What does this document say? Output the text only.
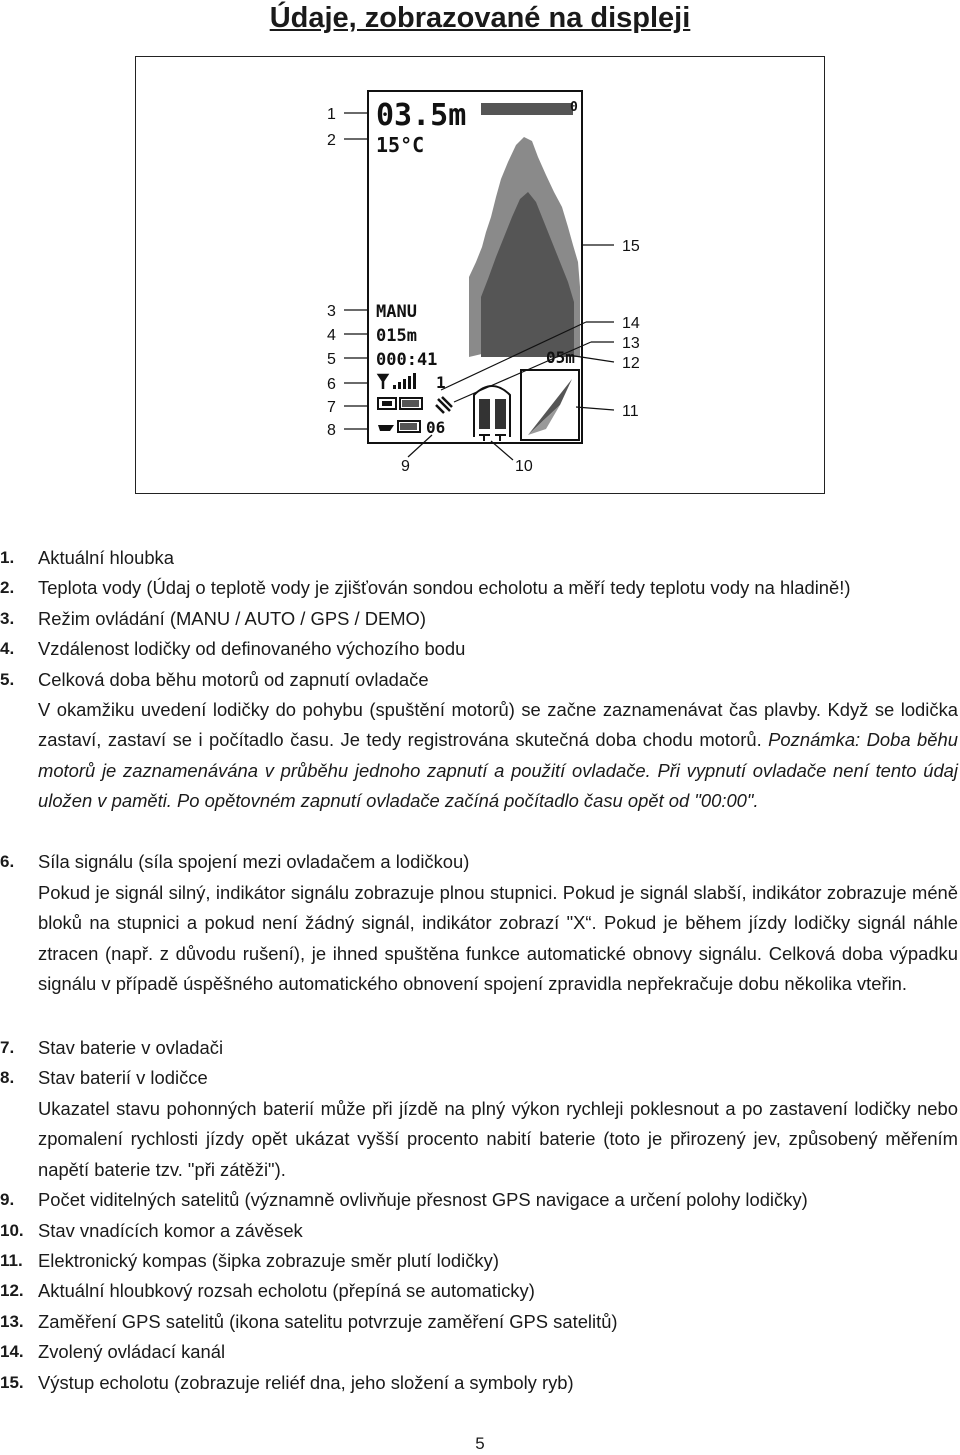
Údaje, zobrazované na displeji
03.5m	0
15°C
MANU
015m
000:41	05m
1
06
1
2
3
4
5
6
7
8
9	10
11
12
13
14
15
1.	Aktuální hloubka
2.	Teplota vody (Údaj o teplotě vody je zjišťován sondou echolotu a měří tedy teplotu vody na hladině!)
3.	Režim ovládání (MANU / AUTO / GPS / DEMO)
4.	Vzdálenost lodičky od definovaného výchozího bodu
5.	Celková doba běhu motorů od zapnutí ovladače
V okamžiku uvedení lodičky do pohybu (spuštění motorů) se začne zaznamenávat čas plavby. Když se lodička zastaví, zastaví se i počítadlo času. Je tedy registrována skutečná doba chodu motorů. Poznámka: Doba běhu motorů je zaznamenávána v průběhu jednoho zapnutí a použití ovladače. Při vypnutí ovladače není tento údaj uložen v paměti. Po opětovném zapnutí ovladače začíná počítadlo času opět od "00:00".
6.	Síla signálu (síla spojení mezi ovladačem a lodičkou)
Pokud je signál silný, indikátor signálu zobrazuje plnou stupnici. Pokud je signál slabší, indikátor zobrazuje méně bloků na stupnici a pokud není žádný signál, indikátor zobrazí "X“. Pokud je během jízdy lodičky signál náhle ztracen (např. z důvodu rušení), je ihned spuštěna funkce automatické obnovy signálu. Celková doba výpadku signálu v případě úspěšného automatického obnovení spojení zpravidla nepřekračuje dobu několika vteřin.
7.	Stav baterie v ovladači
8.	Stav baterií v lodičce
Ukazatel stavu pohonných baterií může při jízdě na plný výkon rychleji poklesnout a po zastavení lodičky nebo zpomalení rychlosti jízdy opět ukázat vyšší procento nabití baterie (toto je přirozený jev, způsobený měřením napětí baterie tzv. "při zátěži").
9.	Počet viditelných satelitů (významně ovlivňuje přesnost GPS navigace a určení polohy lodičky)
10. Stav vnadících komor a závěsek
11. Elektronický kompas (šipka zobrazuje směr plutí lodičky)
12. Aktuální hloubkový rozsah echolotu (přepíná se automaticky)
13. Zaměření GPS satelitů (ikona satelitu potvrzuje zaměření GPS satelitů)
14. Zvolený ovládací kanál
15. Výstup echolotu (zobrazuje reliéf dna, jeho složení a symboly ryb)
5
